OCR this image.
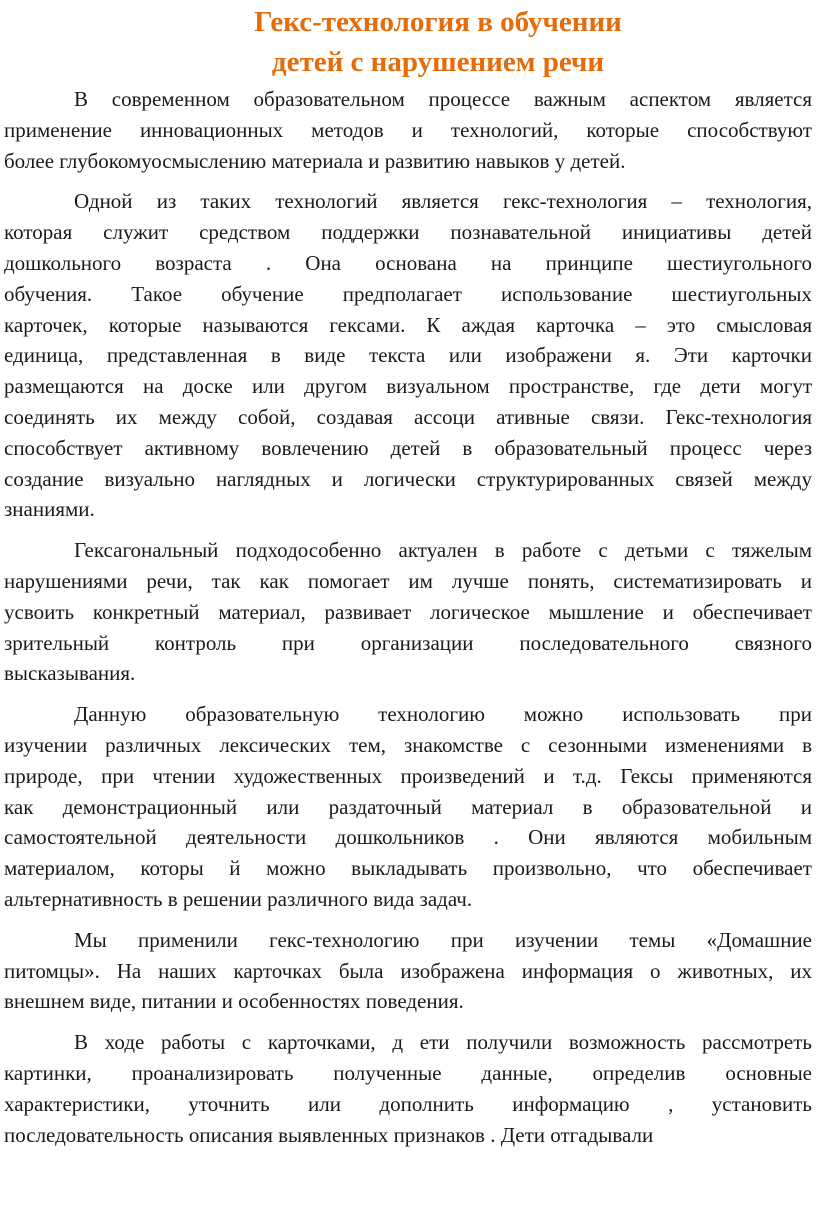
Гекс-технология в обучении
детей с нарушением речи

В современном образовательном процессе важным аспектом является
применение инновационных методов и технологий, которые способствуют
более глубокомуосмыслению материала и развитию навыков у детей.

Одной из таких технологий является гекс-технология – технология,
которая служит средством поддержки познавательной инициативы детей
дошкольного возраста . Она основана на принципе шестиугольного
обучения. Такое обучение предполагает использование шестиугольных
карточек, которые называются гексами. К аждая карточка – это смысловая
единица, представленная в виде текста или изображени я. Эти карточки
размещаются на доске или другом визуальном пространстве, где дети могут
соединять их между собой, создавая ассоци ативные связи. Гекс-технология
способствует активному вовлечению детей в образовательный процесс через
создание визуально наглядных и логически структурированных связей между
знаниями.

Гексагональный подходособенно актуален в работе с детьми с тяжелым
нарушениями речи, так как помогает им лучше понять, систематизировать и
усвоить конкретный материал, развивает логическое мышление и обеспечивает
зрительный контроль при организации последовательного связного
высказывания.

Данную образовательную технологию можно использовать при
изучении различных лексических тем, знакомстве с сезонными изменениями в
природе, при чтении художественных произведений и т.д. Гексы применяются
как демонстрационный или раздаточный материал в образовательной и
самостоятельной деятельности дошкольников . Они являются мобильным
материалом, которы й можно выкладывать произвольно, что обеспечивает
альтернативность в решении различного вида задач.

Мы применили гекс-технологию при изучении темы «Домашние
питомцы». На наших карточках была изображена информация о животных, их
внешнем виде, питании и особенностях поведения.

В ходе работы с карточками, д ети получили возможность рассмотреть
картинки, проанализировать полученные данные, определив основные
характеристики, уточнить или дополнить информацию , установить
последовательность описания выявленных признаков . Дети отгадывали
